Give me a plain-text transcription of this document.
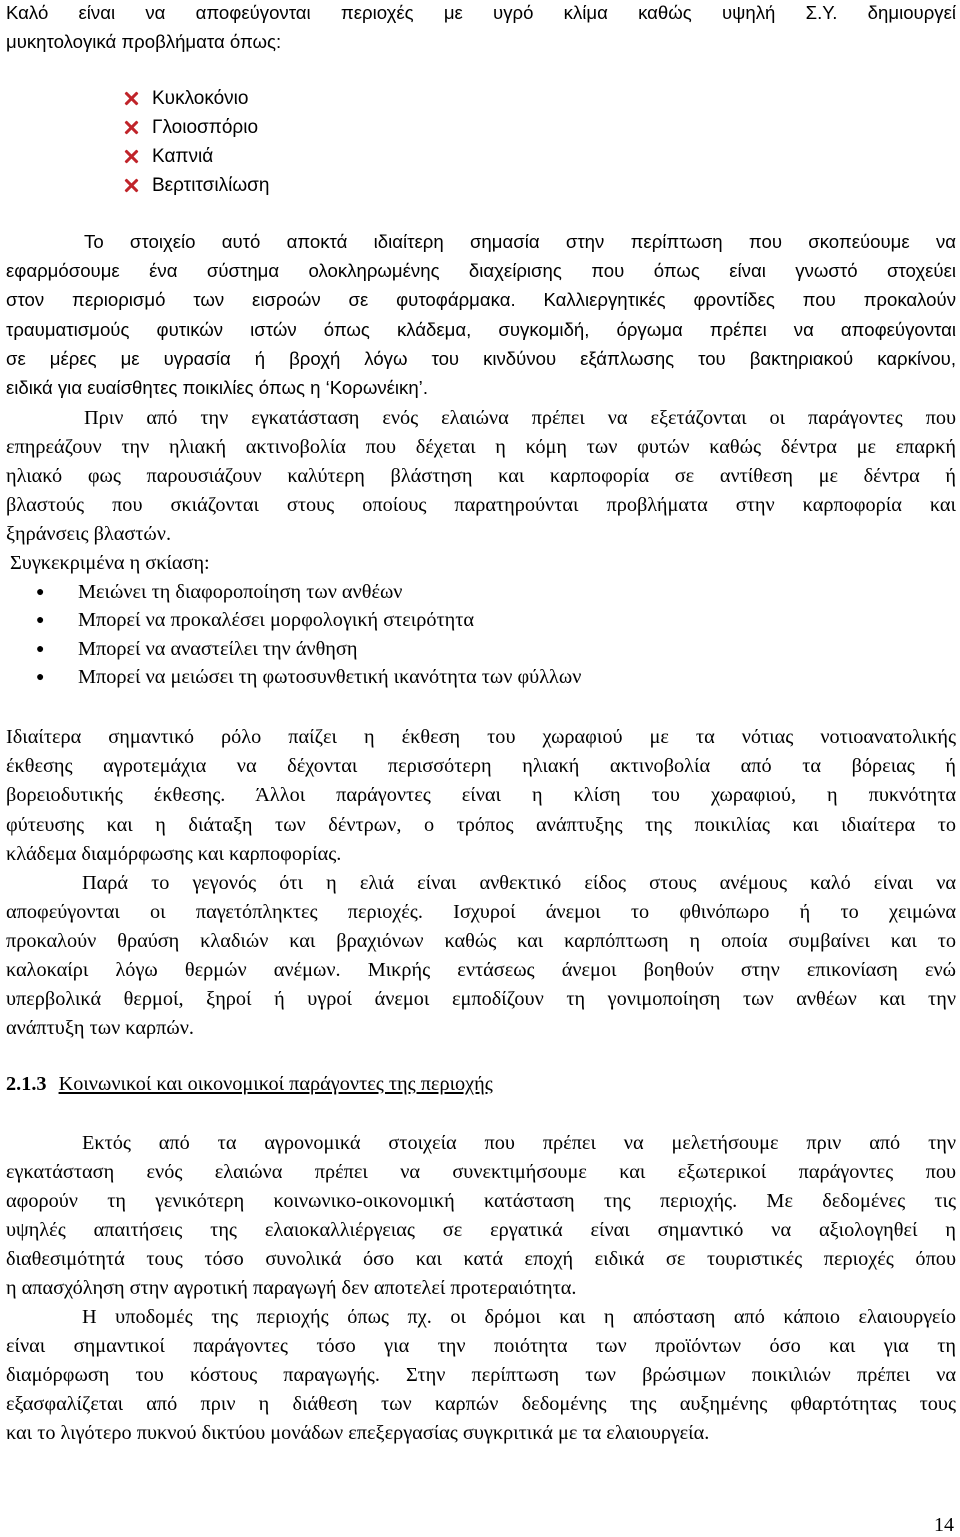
Καλό είναι να αποφεύγονται περιοχές με υγρό κλίμα καθώς υψηλή Σ.Υ. δημιουργεί
μυκητολογικά προβλήματα όπως:
Κυκλοκόνιο
Γλοιοσπόριο
Καπνιά
Βερτιτσιλίωση
Το στοιχείο αυτό αποκτά ιδιαίτερη σημασία στην περίπτωση που σκοπεύουμε να
εφαρμόσουμε ένα σύστημα ολοκληρωμένης διαχείρισης που όπως είναι γνωστό στοχεύει
στον περιορισμό των εισροών σε φυτοφάρμακα. Καλλιεργητικές φροντίδες που προκαλούν
τραυματισμούς φυτικών ιστών όπως κλάδεμα, συγκομιδή, όργωμα πρέπει να αποφεύγονται
σε μέρες με υγρασία ή βροχή λόγω του κινδύνου εξάπλωσης του βακτηριακού καρκίνου,
ειδικά για ευαίσθητες ποικιλίες όπως η ‘Κορωνέικη’.
Πριν από την εγκατάσταση ενός ελαιώνα πρέπει να εξετάζονται οι παράγοντες που
επηρεάζουν την ηλιακή ακτινοβολία που δέχεται η κόμη των φυτών καθώς δέντρα με επαρκή
ηλιακό φως παρουσιάζουν καλύτερη βλάστηση και καρποφορία σε αντίθεση με δέντρα ή
βλαστούς που σκιάζονται στους οποίους παρατηρούνται προβλήματα στην καρποφορία και
ξηράνσεις βλαστών.
Συγκεκριμένα η σκίαση:
● Μειώνει τη διαφοροποίηση των ανθέων
● Μπορεί να προκαλέσει μορφολογική στειρότητα
● Μπορεί να αναστείλει την άνθηση
● Μπορεί να μειώσει τη φωτοσυνθετική ικανότητα των φύλλων
Ιδιαίτερα σημαντικό ρόλο παίζει η έκθεση του χωραφιού με τα νότιας νοτιοανατολικής
έκθεσης αγροτεμάχια να δέχονται περισσότερη ηλιακή ακτινοβολία από τα βόρειας ή
βορειοδυτικής έκθεσης. Άλλοι παράγοντες είναι η κλίση του χωραφιού, η πυκνότητα
φύτευσης και η διάταξη των δέντρων, ο τρόπος ανάπτυξης της ποικιλίας και ιδιαίτερα το
κλάδεμα διαμόρφωσης και καρποφορίας.
Παρά το γεγονός ότι η ελιά είναι ανθεκτικό είδος στους ανέμους καλό είναι να
αποφεύγονται οι παγετόπληκτες περιοχές. Ισχυροί άνεμοι το φθινόπωρο ή το χειμώνα
προκαλούν θραύση κλαδιών και βραχιόνων καθώς και καρπόπτωση η οποία συμβαίνει και το
καλοκαίρι λόγω θερμών ανέμων. Μικρής εντάσεως άνεμοι βοηθούν στην επικονίαση ενώ
υπερβολικά θερμοί, ξηροί ή υγροί άνεμοι εμποδίζουν τη γονιμοποίηση των ανθέων και την
ανάπτυξη των καρπών.
2.1.3 Κοινωνικοί και οικονομικοί παράγοντες της περιοχής
Εκτός από τα αγρονομικά στοιχεία που πρέπει να μελετήσουμε πριν από την
εγκατάσταση ενός ελαιώνα πρέπει να συνεκτιμήσουμε και εξωτερικοί παράγοντες που
αφορούν τη γενικότερη κοινωνικο-οικονομική κατάσταση της περιοχής. Με δεδομένες τις
υψηλές απαιτήσεις της ελαιοκαλλιέργειας σε εργατικά είναι σημαντικό να αξιολογηθεί η
διαθεσιμότητά τους τόσο συνολικά όσο και κατά εποχή ειδικά σε τουριστικές περιοχές όπου
η απασχόληση στην αγροτική παραγωγή δεν αποτελεί προτεραιότητα.
Η υποδομές της περιοχής όπως πχ. οι δρόμοι και η απόσταση από κάποιο ελαιουργείο
είναι σημαντικοί παράγοντες τόσο για την ποιότητα των προϊόντων όσο και για τη
διαμόρφωση του κόστους παραγωγής. Στην περίπτωση των βρώσιμων ποικιλιών πρέπει να
εξασφαλίζεται από πριν η διάθεση των καρπών δεδομένης της αυξημένης φθαρτότητας τους
και το λιγότερο πυκνού δικτύου μονάδων επεξεργασίας συγκριτικά με τα ελαιουργεία.
14
